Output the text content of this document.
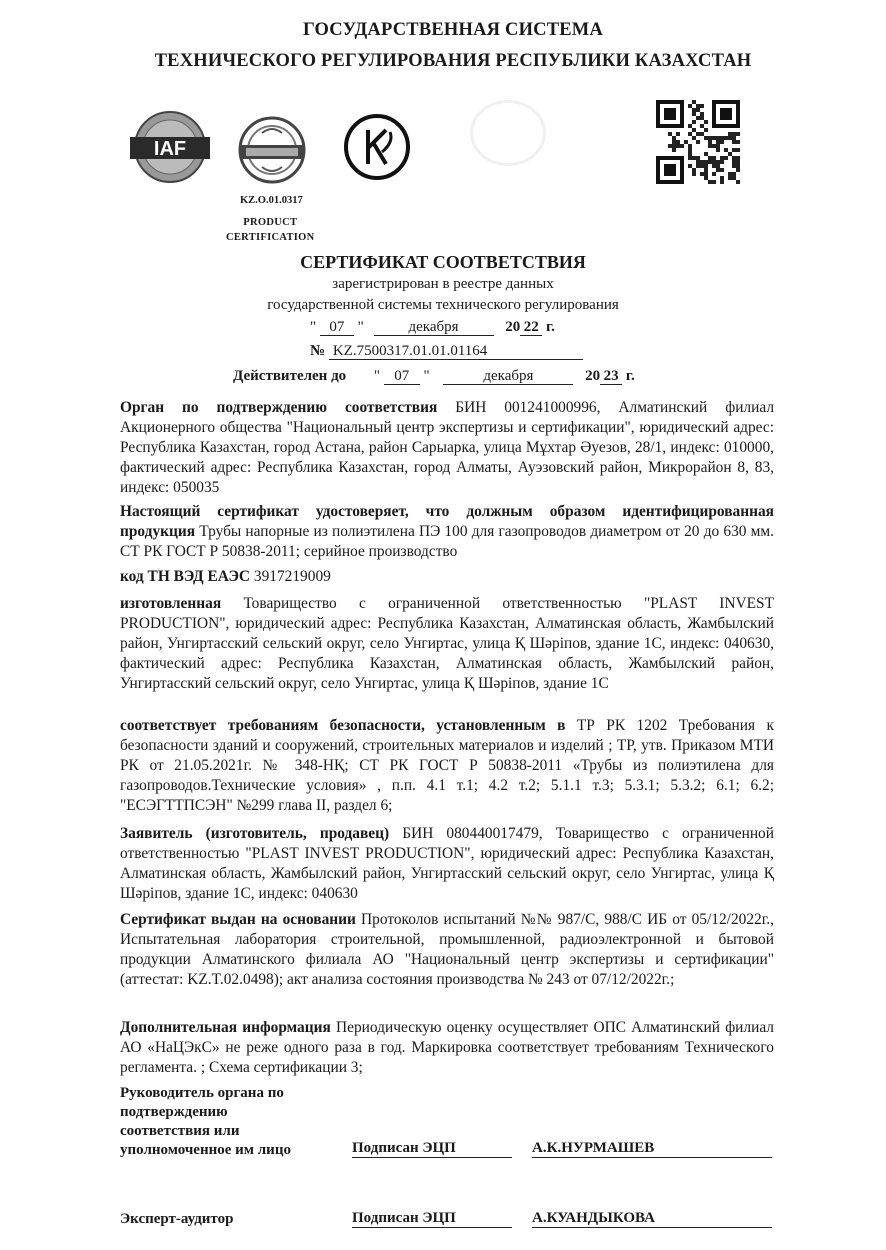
ГОСУДАРСТВЕННАЯ СИСТЕМА
ТЕХНИЧЕСКОГО РЕГУЛИРОВАНИЯ РЕСПУБЛИКИ КАЗАХСТАН
IAF
KZ.O.01.0317
PRODUCT
CERTIFICATION
СЕРТИФИКАТ СООТВЕТСТВИЯ
зарегистрирован в реестре данных
государственной системы технического регулирования
" 07 "	декабря	20 22 г.
№ KZ.7500317.01.01.01164
Действителен до " 07 "	декабря	20 23 г.
Орган по подтверждению соответствия БИН 001241000996, Алматинский филиал Акционерного общества "Национальный центр экспертизы и сертификации", юридический адрес: Республика Казахстан, город Астана, район Сарыарка, улица Мұхтар Әуезов, 28/1, индекс: 010000, фактический адрес: Республика Казахстан, город Алматы, Ауэзовский район, Микрорайон 8, 83, индекс: 050035
Настоящий сертификат удостоверяет, что должным образом идентифицированная продукция Трубы напорные из полиэтилена ПЭ 100 для газопроводов диаметром от 20 до 630 мм. СТ РК ГОСТ Р 50838-2011; серийное производство
код ТН ВЭД ЕАЭС 3917219009
изготовленная Товарищество с ограниченной ответственностью "PLAST INVEST PRODUCTION", юридический адрес: Республика Казахстан, Алматинская область, Жамбылский район, Унгиртасский сельский округ, село Унгиртас, улица Қ Шәріпов, здание 1С, индекс: 040630, фактический адрес: Республика Казахстан, Алматинская область, Жамбылский район, Унгиртасский сельский округ, село Унгиртас, улица Қ Шәріпов, здание 1С
соответствует требованиям безопасности, установленным в ТР РК 1202 Требования к безопасности зданий и сооружений, строительных материалов и изделий ; ТР, утв. Приказом МТИ РК от 21.05.2021г. № 348-НҚ; СТ РК ГОСТ Р 50838-2011 «Трубы из полиэтилена для газопроводов.Технические условия» , п.п. 4.1 т.1; 4.2 т.2; 5.1.1 т.3; 5.3.1; 5.3.2; 6.1; 6.2; "ЕСЭГТТПСЭН" №299 глава II, раздел 6;
Заявитель (изготовитель, продавец) БИН 080440017479, Товарищество с ограниченной ответственностью "PLAST INVEST PRODUCTION", юридический адрес: Республика Казахстан, Алматинская область, Жамбылский район, Унгиртасский сельский округ, село Унгиртас, улица Қ Шәріпов, здание 1С, индекс: 040630
Сертификат выдан на основании Протоколов испытаний №№ 987/С, 988/С ИБ от 05/12/2022г., Испытательная лаборатория строительной, промышленной, радиоэлектронной и бытовой продукции Алматинского филиала АО "Национальный центр экспертизы и сертификации" (аттестат: KZ.T.02.0498); акт анализа состояния производства № 243 от 07/12/2022г.;
Дополнительная информация Периодическую оценку осуществляет ОПС Алматинский филиал АО «НаЦЭкС» не реже одного раза в год. Маркировка соответствует требованиям Технического регламента. ; Схема сертификации 3;
Руководитель органа по
подтверждению
соответствия или
уполномоченное им лицо	Подписан ЭЦП	А.К.НУРМАШЕВ
Эксперт-аудитор	Подписан ЭЦП	А.КУАНДЫКОВА
